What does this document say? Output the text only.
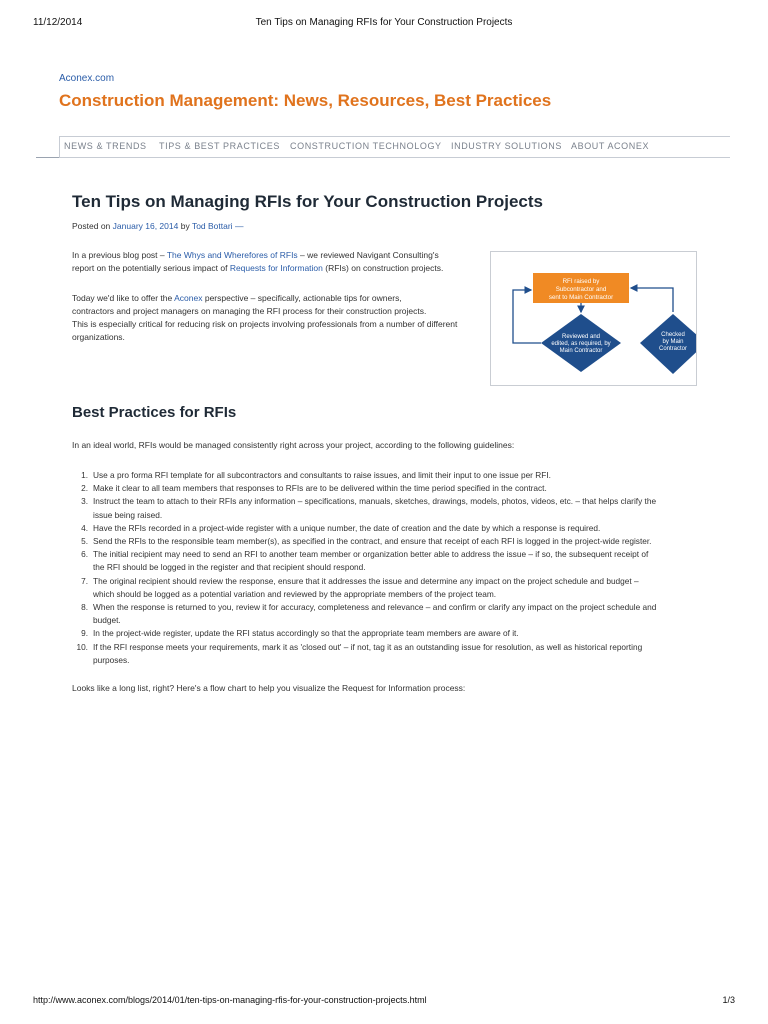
11/12/2014	Ten Tips on Managing RFIs for Your Construction Projects
Aconex.com
Construction Management: News, Resources, Best Practices
NEWS & TRENDS TIPS & BEST PRACTICES CONSTRUCTION TECHNOLOGY INDUSTRY SOLUTIONS ABOUT ACONEX
Ten Tips on Managing RFIs for Your Construction Projects
Posted on January 16, 2014 by Tod Bottari —
In a previous blog post – The Whys and Wherefores of RFIs – we reviewed Navigant Consulting's
report on the potentially serious impact of Requests for Information (RFIs) on construction projects.
Today we'd like to offer the Aconex perspective – specifically, actionable tips for owners,
contractors and project managers on managing the RFI process for their construction projects.
This is especially critical for reducing risk on projects involving professionals from a number of different
organizations.
RFI raised by
Subcontractor and
sent to Main Contractor
Reviewed and
edited, as required, by
Main Contractor
Checked
by Main
Contractor
Best Practices for RFIs
In an ideal world, RFIs would be managed consistently right across your project, according to the following guidelines:
1. Use a pro forma RFI template for all subcontractors and consultants to raise issues, and limit their input to one issue per RFI.
2. Make it clear to all team members that responses to RFIs are to be delivered within the time period specified in the contract.
3. Instruct the team to attach to their RFIs any information – specifications, manuals, sketches, drawings, models, photos, videos, etc. – that helps clarify the
issue being raised.
4. Have the RFIs recorded in a project-wide register with a unique number, the date of creation and the date by which a response is required.
5. Send the RFIs to the responsible team member(s), as specified in the contract, and ensure that receipt of each RFI is logged in the project-wide register.
6. The initial recipient may need to send an RFI to another team member or organization better able to address the issue – if so, the subsequent receipt of
the RFI should be logged in the register and that recipient should respond.
7. The original recipient should review the response, ensure that it addresses the issue and determine any impact on the project schedule and budget –
which should be logged as a potential variation and reviewed by the appropriate members of the project team.
8. When the response is returned to you, review it for accuracy, completeness and relevance – and confirm or clarify any impact on the project schedule and
budget.
9. In the project-wide register, update the RFI status accordingly so that the appropriate team members are aware of it.
10. If the RFI response meets your requirements, mark it as 'closed out' – if not, tag it as an outstanding issue for resolution, as well as historical reporting
purposes.
Looks like a long list, right? Here's a flow chart to help you visualize the Request for Information process:
http://www.aconex.com/blogs/2014/01/ten-tips-on-managing-rfis-for-your-construction-projects.html	1/3
